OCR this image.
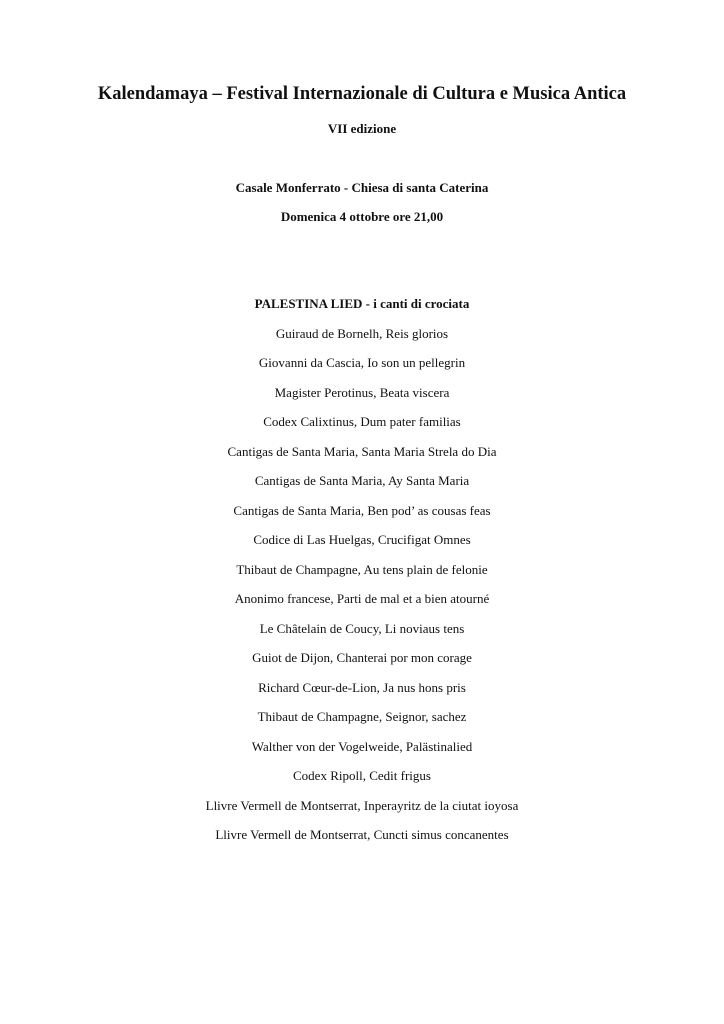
Kalendamaya – Festival Internazionale di Cultura e Musica Antica
VII edizione
Casale Monferrato - Chiesa di santa Caterina
Domenica 4 ottobre ore 21,00
PALESTINA LIED - i canti di crociata
Guiraud de Bornelh, Reis glorios
Giovanni da Cascia, Io son un pellegrin
Magister Perotinus, Beata viscera
Codex Calixtinus, Dum pater familias
Cantigas de Santa Maria, Santa Maria Strela do Dia
Cantigas de Santa Maria, Ay Santa Maria
Cantigas de Santa Maria, Ben pod’ as cousas feas
Codice di Las Huelgas, Crucifigat Omnes
Thibaut de Champagne, Au tens plain de felonie
Anonimo francese, Parti de mal et a bien atourné
Le Châtelain de Coucy, Li noviaus tens
Guiot de Dijon, Chanterai por mon corage
Richard Cœur-de-Lion, Ja nus hons pris
Thibaut de Champagne, Seignor, sachez
Walther von der Vogelweide, Palästinalied
Codex Ripoll, Cedit frigus
Llivre Vermell de Montserrat, Inperayritz de la ciutat ioyosa
Llivre Vermell de Montserrat, Cuncti simus concanentes
